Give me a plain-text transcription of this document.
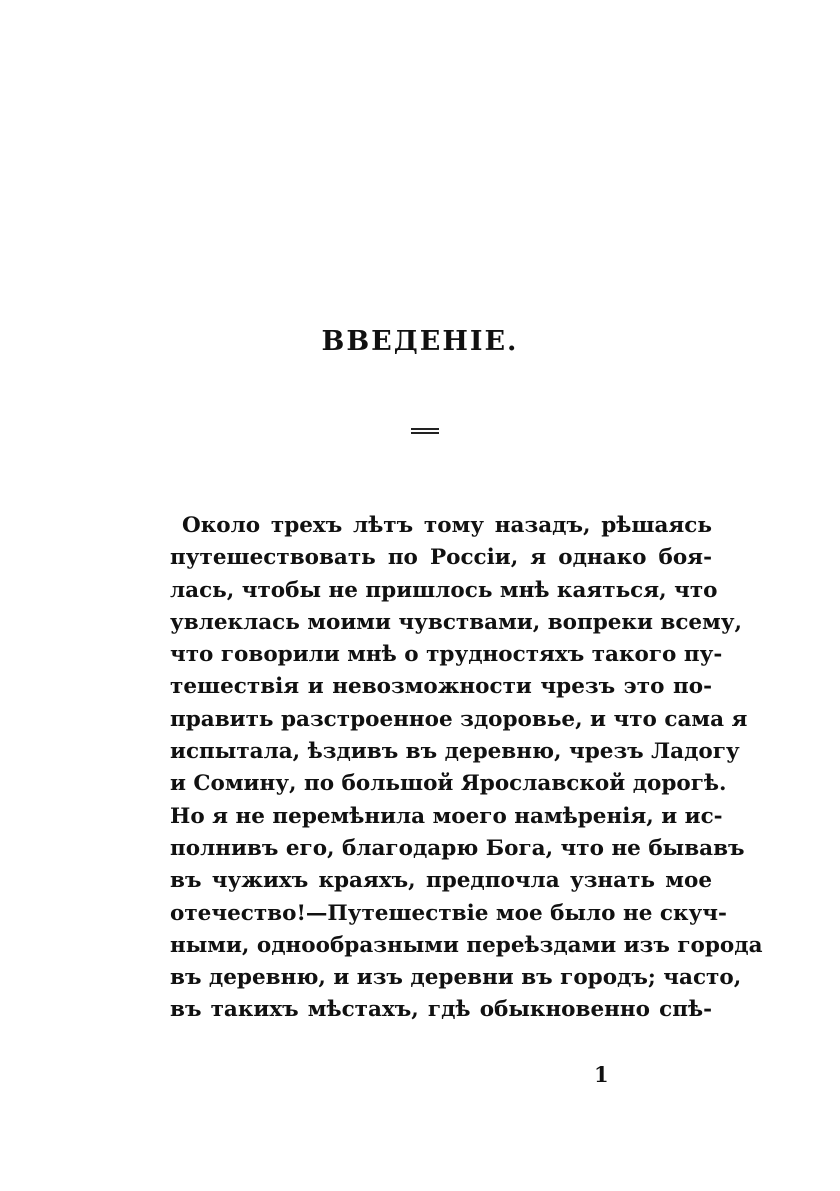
ВВЕДЕНІЕ.
Около трехъ лѣтъ тому назадъ, рѣшаясь
путешествовать по Россіи, я однако боя-
лась, чтобы не пришлось мнѣ каяться, что
увлеклась моими чувствами, вопреки всему,
что говорили мнѣ о трудностяхъ такого пу-
тешествія и невозможности чрезъ это по-
править разстроенное здоровье, и что сама я
испытала, ѣздивъ въ деревню, чрезъ Ладогу
и Сомину, по большой Ярославской дорогѣ.
Но я не перемѣнила моего намѣренія, и ис-
полнивъ его, благодарю Бога, что не бывавъ
въ чужихъ краяхъ, предпочла узнать мое
отечество!—Путешествіе мое было не скуч-
ными, однообразными переѣздами изъ города
въ деревню, и изъ деревни въ городъ; часто,
въ такихъ мѣстахъ, гдѣ обыкновенно спѣ-
1
